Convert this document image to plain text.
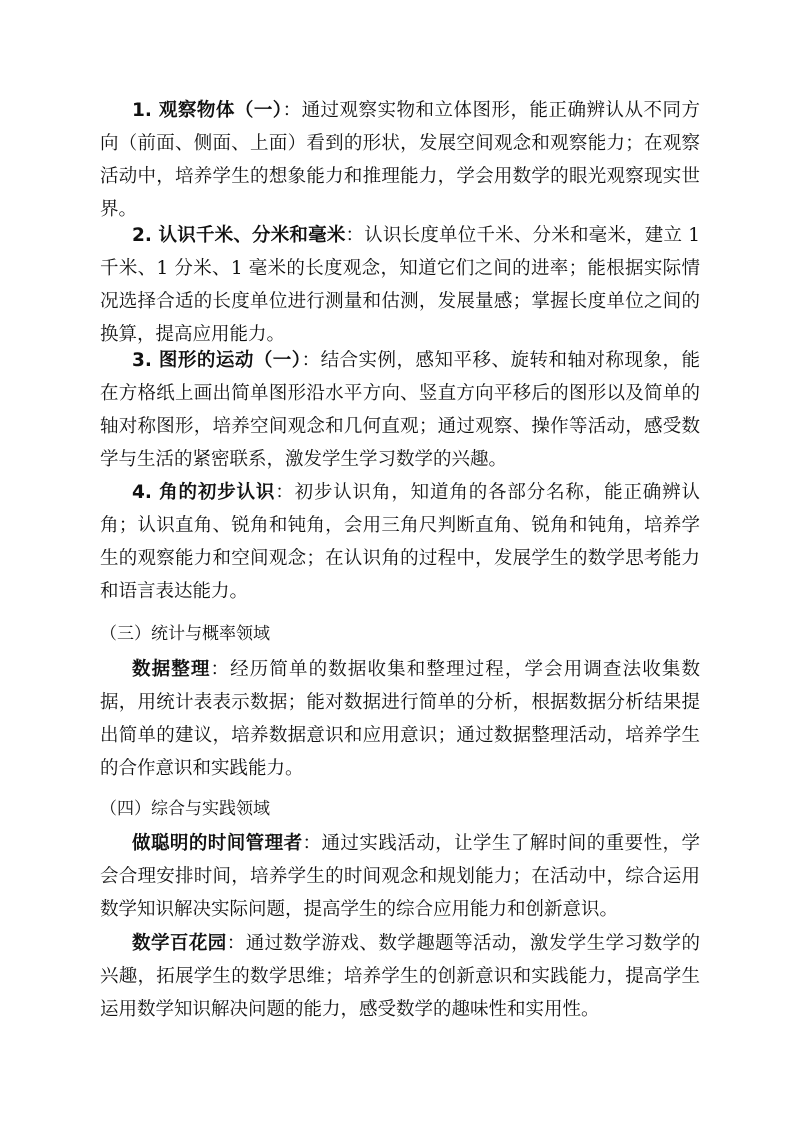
1. 观察物体（一）：通过观察实物和立体图形，能正确辨认从不同方向（前面、侧面、上面）看到的形状，发展空间观念和观察能力；在观察活动中，培养学生的想象能力和推理能力，学会用数学的眼光观察现实世界。

2. 认识千米、分米和毫米：认识长度单位千米、分米和毫米，建立 1 千米、1 分米、1 毫米的长度观念，知道它们之间的进率；能根据实际情况选择合适的长度单位进行测量和估测，发展量感；掌握长度单位之间的换算，提高应用能力。

3. 图形的运动（一）：结合实例，感知平移、旋转和轴对称现象，能在方格纸上画出简单图形沿水平方向、竖直方向平移后的图形以及简单的轴对称图形，培养空间观念和几何直观；通过观察、操作等活动，感受数学与生活的紧密联系，激发学生学习数学的兴趣。

4. 角的初步认识：初步认识角，知道角的各部分名称，能正确辨认角；认识直角、锐角和钝角，会用三角尺判断直角、锐角和钝角，培养学生的观察能力和空间观念；在认识角的过程中，发展学生的数学思考能力和语言表达能力。

（三）统计与概率领域

数据整理：经历简单的数据收集和整理过程，学会用调查法收集数据，用统计表表示数据；能对数据进行简单的分析，根据数据分析结果提出简单的建议，培养数据意识和应用意识；通过数据整理活动，培养学生的合作意识和实践能力。

（四）综合与实践领域

做聪明的时间管理者：通过实践活动，让学生了解时间的重要性，学会合理安排时间，培养学生的时间观念和规划能力；在活动中，综合运用数学知识解决实际问题，提高学生的综合应用能力和创新意识。

数学百花园：通过数学游戏、数学趣题等活动，激发学生学习数学的兴趣，拓展学生的数学思维；培养学生的创新意识和实践能力，提高学生运用数学知识解决问题的能力，感受数学的趣味性和实用性。
